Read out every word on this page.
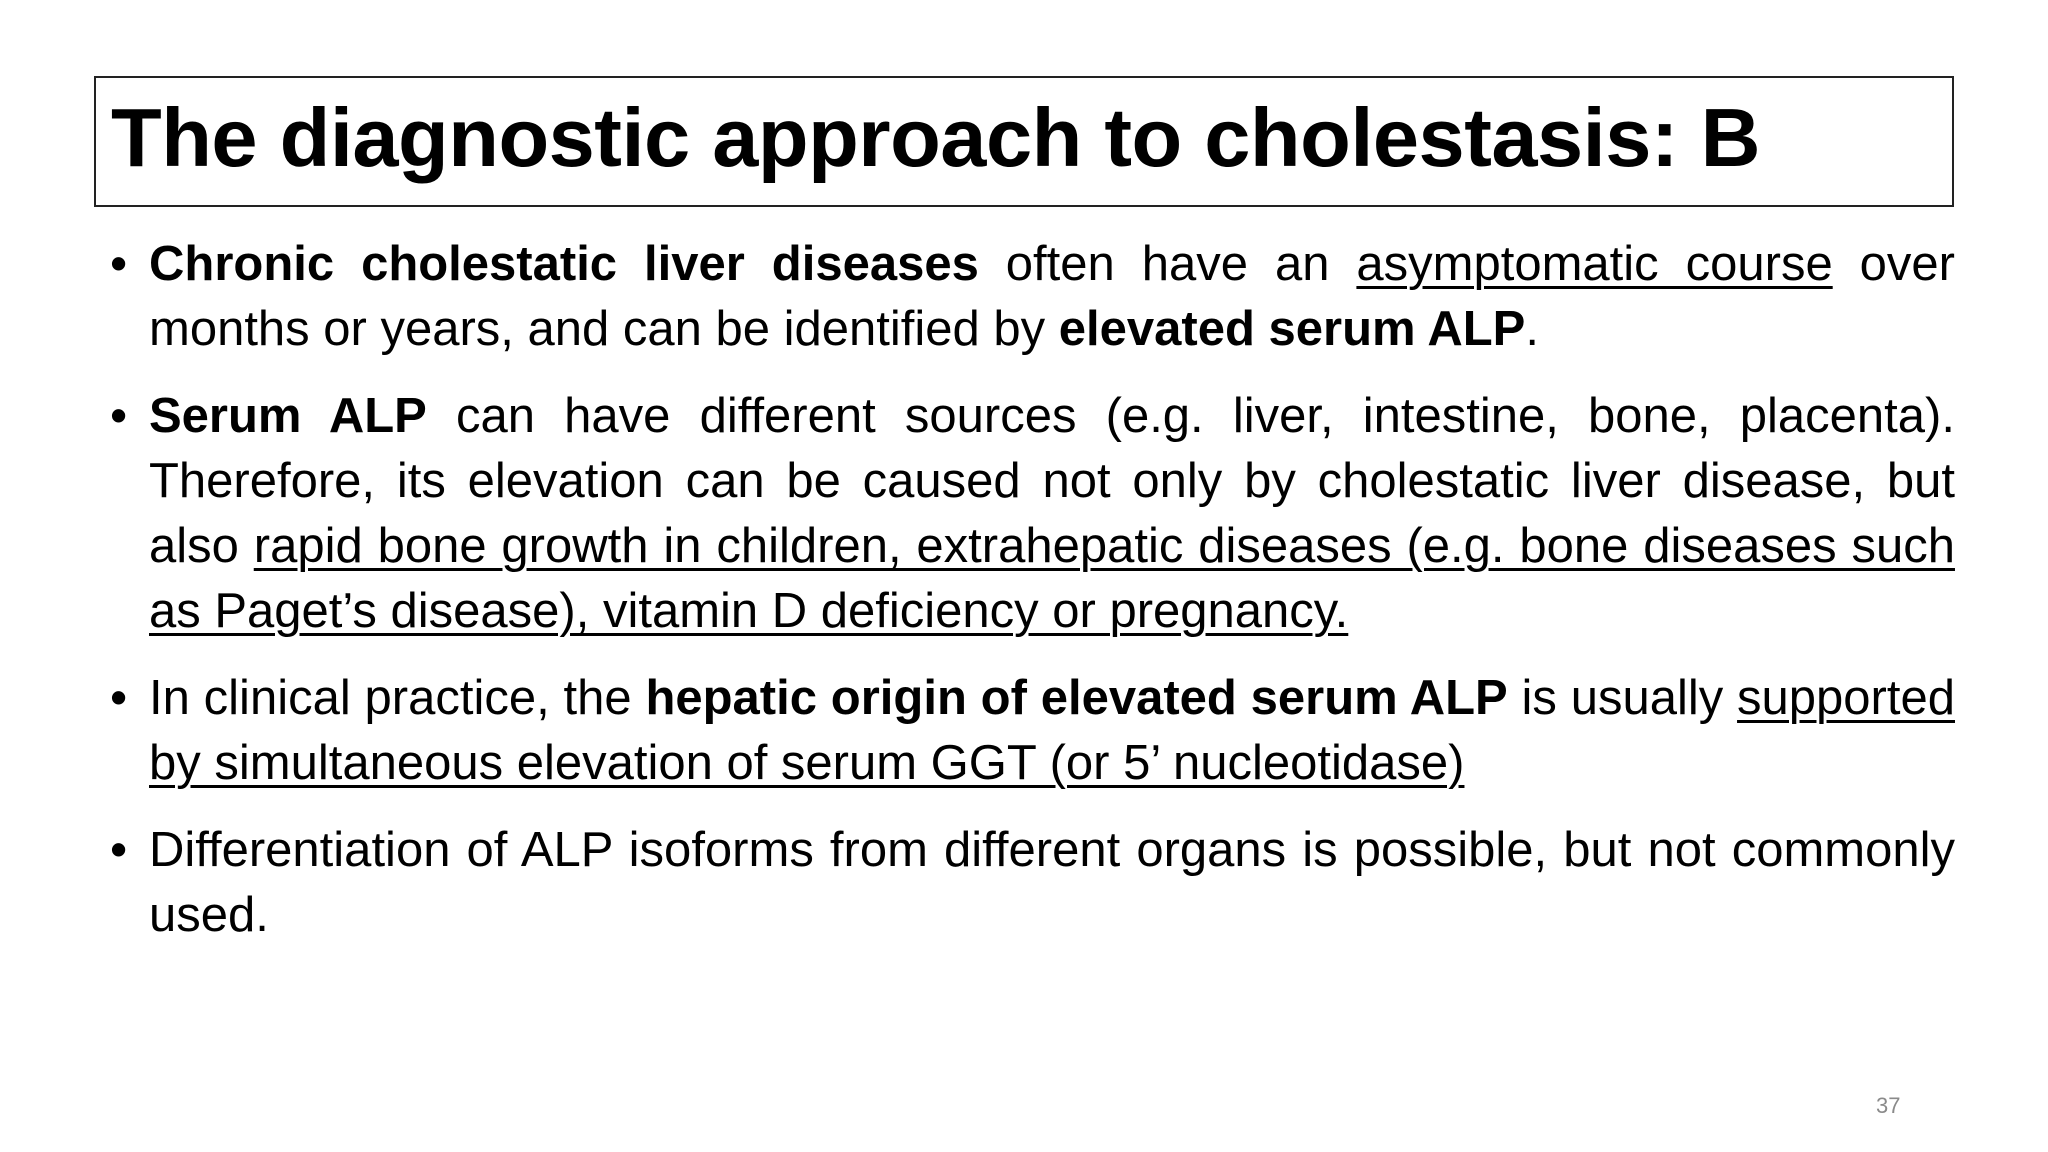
The diagnostic approach to cholestasis: B
• Chronic cholestatic liver diseases often have an asymptomatic course over months or years, and can be identified by elevated serum ALP.
• Serum ALP can have different sources (e.g. liver, intestine, bone, placenta). Therefore, its elevation can be caused not only by cholestatic liver disease, but also rapid bone growth in children, extrahepatic diseases (e.g. bone diseases such as Paget’s disease), vitamin D deficiency or pregnancy.
• In clinical practice, the hepatic origin of elevated serum ALP is usually supported by simultaneous elevation of serum GGT (or 5’ nucleotidase)
• Differentiation of ALP isoforms from different organs is possible, but not commonly used.
37
